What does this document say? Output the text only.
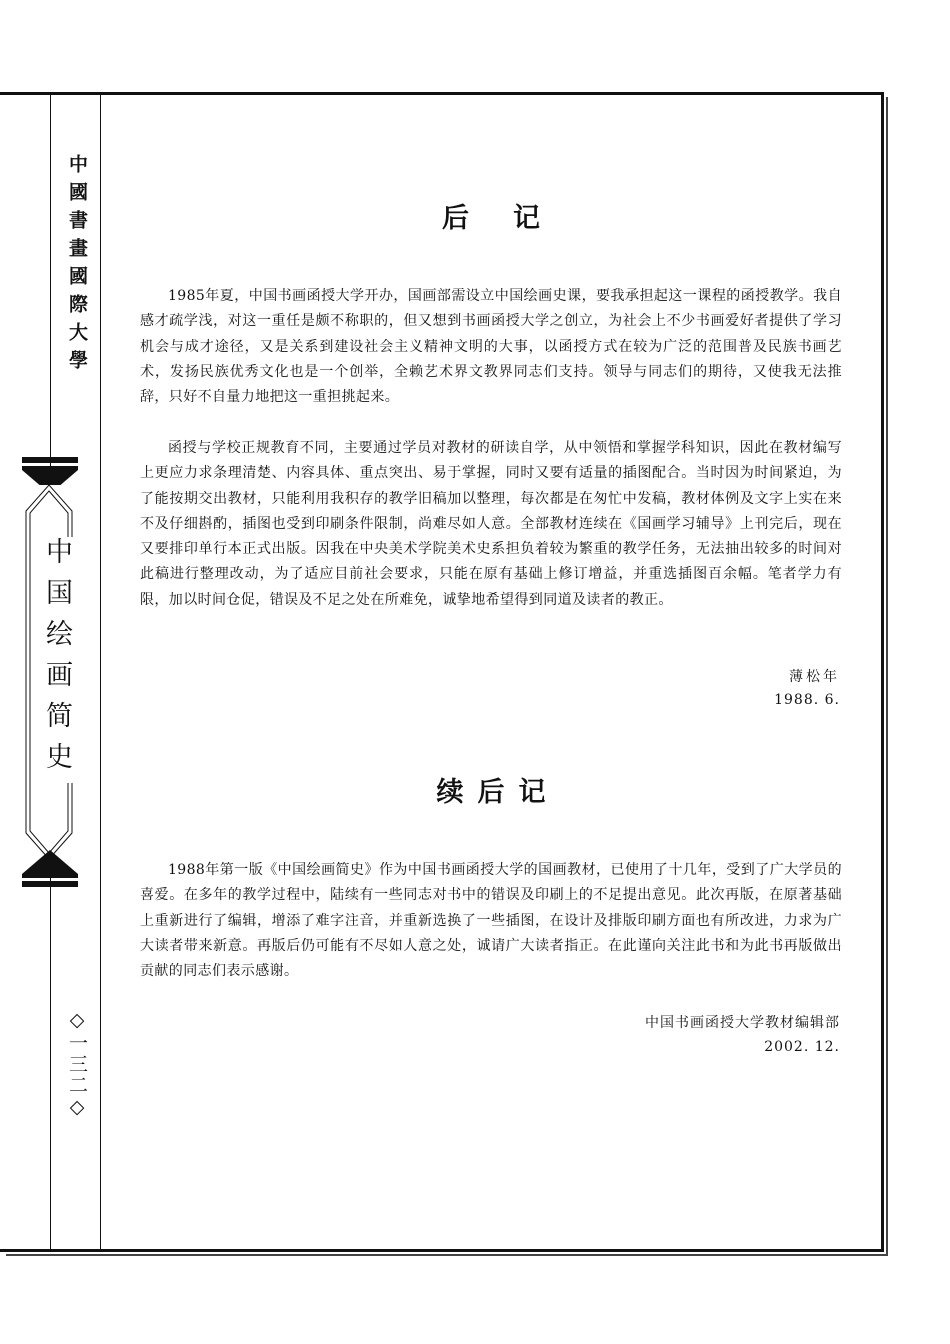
中國書畫國際大學
中国绘画简史
◇一三二◇
后记

1985年夏，中国书画函授大学开办，国画部需设立中国绘画史课，要我承担起这一课程的函授教学。我自感才疏学浅，对这一重任是颇不称职的，但又想到书画函授大学之创立，为社会上不少书画爱好者提供了学习机会与成才途径，又是关系到建设社会主义精神文明的大事，以函授方式在较为广泛的范围普及民族书画艺术，发扬民族优秀文化也是一个创举，全赖艺术界文教界同志们支持。领导与同志们的期待，又使我无法推辞，只好不自量力地把这一重担挑起来。

函授与学校正规教育不同，主要通过学员对教材的研读自学，从中领悟和掌握学科知识，因此在教材编写上更应力求条理清楚、内容具体、重点突出、易于掌握，同时又要有适量的插图配合。当时因为时间紧迫，为了能按期交出教材，只能利用我积存的教学旧稿加以整理，每次都是在匆忙中发稿，教材体例及文字上实在来不及仔细斟酌，插图也受到印刷条件限制，尚难尽如人意。全部教材连续在《国画学习辅导》上刊完后，现在又要排印单行本正式出版。因我在中央美术学院美术史系担负着较为繁重的教学任务，无法抽出较多的时间对此稿进行整理改动，为了适应目前社会要求，只能在原有基础上修订增益，并重选插图百余幅。笔者学力有限，加以时间仓促，错误及不足之处在所难免，诚挚地希望得到同道及读者的教正。

薄松年
1988. 6.
续后记

1988年第一版《中国绘画简史》作为中国书画函授大学的国画教材，已使用了十几年，受到了广大学员的喜爱。在多年的教学过程中，陆续有一些同志对书中的错误及印刷上的不足提出意见。此次再版，在原著基础上重新进行了编辑，增添了难字注音，并重新选换了一些插图，在设计及排版印刷方面也有所改进，力求为广大读者带来新意。再版后仍可能有不尽如人意之处，诚请广大读者指正。在此谨向关注此书和为此书再版做出贡献的同志们表示感谢。

中国书画函授大学教材编辑部
2002. 12.
